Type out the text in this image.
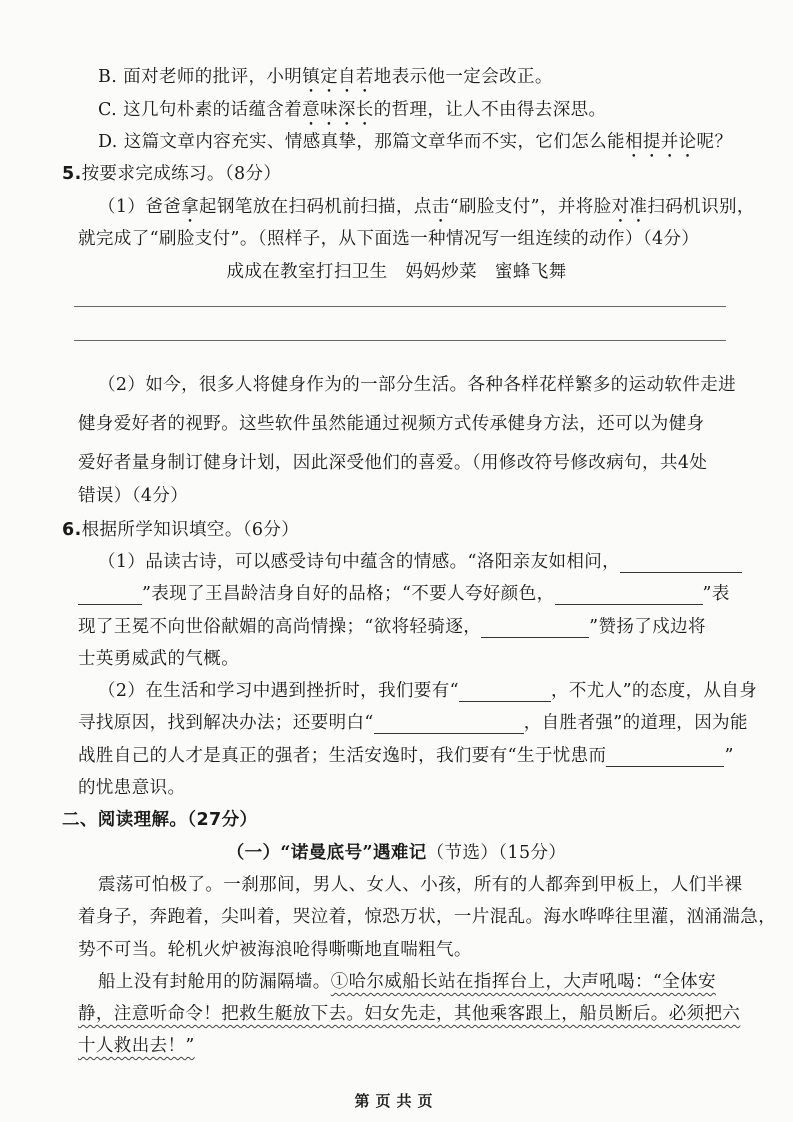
B. 面对老师的批评，小明镇定自若地表示他一定会改正。
C. 这几句朴素的话蕴含着意味深长的哲理，让人不由得去深思。
D. 这篇文章内容充实、情感真挚，那篇文章华而不实，它们怎么能相提并论呢？
5.按要求完成练习。（8分）
（1）爸爸拿起钢笔放在扫码机前扫描，点击“刷脸支付”，并将脸对准扫码机识别，
就完成了“刷脸支付”。（照样子，从下面选一种情况写一组连续的动作）（4分）
成成在教室打扫卫生　妈妈炒菜　蜜蜂飞舞
（2）如今，很多人将健身作为的一部分生活。各种各样花样繁多的运动软件走进
健身爱好者的视野。这些软件虽然能通过视频方式传承健身方法，还可以为健身
爱好者量身制订健身计划，因此深受他们的喜爱。（用修改符号修改病句，共4处
错误）（4分）
6.根据所学知识填空。（6分）
（1）品读古诗，可以感受诗句中蕴含的情感。“洛阳亲友如相问，
”表现了王昌龄洁身自好的品格；“不要人夸好颜色，	”表
现了王冕不向世俗献媚的高尚情操；“欲将轻骑逐，	”赞扬了戍边将
士英勇威武的气概。
（2）在生活和学习中遇到挫折时，我们要有“	，不尤人”的态度，从自身
寻找原因，找到解决办法；还要明白“	，自胜者强”的道理，因为能
战胜自己的人才是真正的强者；生活安逸时，我们要有“生于忧患而	”
的忧患意识。
二、阅读理解。（27分）
（一）“诺曼底号”遇难记（节选）（15分）
震荡可怕极了。一刹那间，男人、女人、小孩，所有的人都奔到甲板上，人们半裸
着身子，奔跑着，尖叫着，哭泣着，惊恐万状，一片混乱。海水哗哗往里灌，汹涌湍急，
势不可当。轮机火炉被海浪呛得嘶嘶地直喘粗气。
船上没有封舱用的防漏隔墙。①哈尔威船长站在指挥台上，大声吼喝：“全体安
静，注意听命令！把救生艇放下去。妇女先走，其他乘客跟上，船员断后。必须把六
十人救出去！”
第页共页
